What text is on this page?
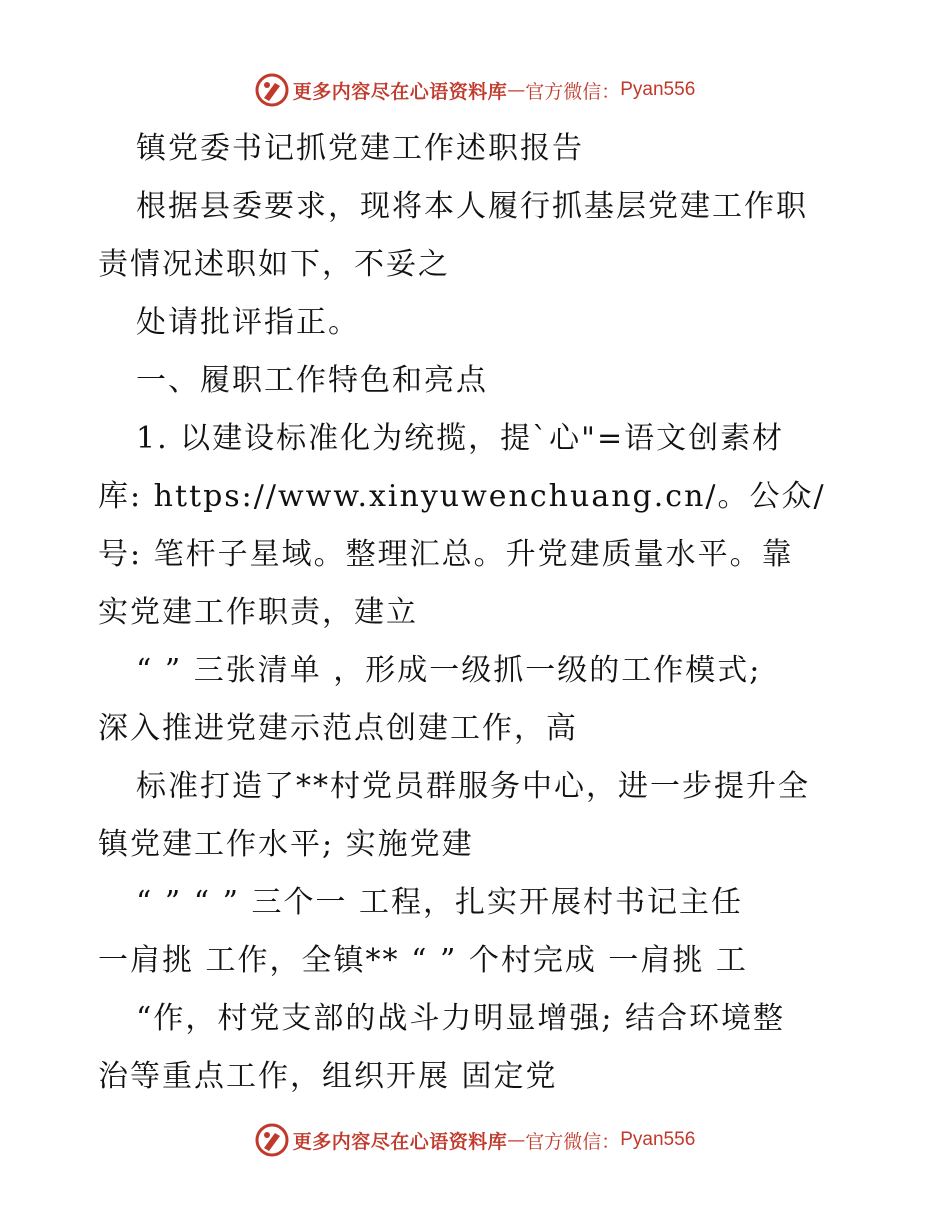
更多内容尽在心语资料库 — 官方微信： Pyan556
镇党委书记抓党建工作述职报告
根据县委要求，现将本人履行抓基层党建工作职
责情况述职如下，不妥之
处请批评指正。
一、履职工作特色和亮点
1. 以建设标准化为统揽，提`心"=语文创素材
库: https://www.xinyuwenchuang.cn/。公众/
号: 笔杆子星域。整理汇总。升党建质量水平。靠
实党建工作职责，建立
“ ” 三张清单 ，形成一级抓一级的工作模式;
深入推进党建示范点创建工作，高
标准打造了**村党员群服务中心，进一步提升全
镇党建工作水平; 实施党建
“ ” “ ” 三个一 工程，扎实开展村书记主任
一肩挑 工作，全镇** “ ” 个村完成 一肩挑 工
“作，村党支部的战斗力明显增强; 结合环境整
治等重点工作，组织开展 固定党
更多内容尽在心语资料库 — 官方微信： Pyan556
